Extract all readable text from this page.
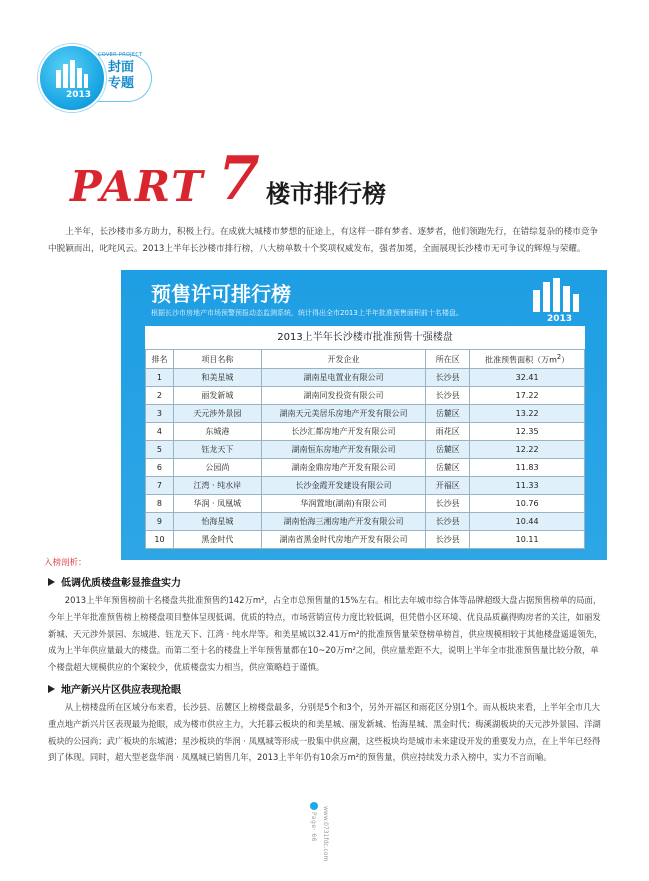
2013
COVER PROJECT
封面
专题
PART 7 楼市排行榜

上半年，长沙楼市多方助力，积极上行。在成就大城楼市梦想的征途上，有这样一群有梦者、逐梦者，他们领跑先行，在错综复杂的楼市竞争中脱颖而出，叱咤风云。2013上半年长沙楼市排行榜，八大榜单数十个奖项权威发布，强者加冕，全面展现长沙楼市无可争议的辉煌与荣耀。

预售许可排行榜
根据长沙市房地产市场预警预报动态监测系统，统计得出全市2013上半年批准预售面积前十名楼盘。
2013
2013上半年长沙楼市批准预售十强楼盘
排名	项目名称	开发企业	所在区	批准预售面积（万$m^2$）
1	和美星城	湖南星电置业有限公司	长沙县	32.41
2	丽发新城	湖南同发投资有限公司	长沙县	17.22
3	天元涉外景园	湖南天元美居乐房地产开发有限公司	岳麓区	13.22
4	东城港	长沙汇都房地产开发有限公司	雨花区	12.35
5	钰龙天下	湖南恒东房地产开发有限公司	岳麓区	12.22
6	公园尚	湖南金鼎房地产开发有限公司	岳麓区	11.83
7	江湾 · 纯水岸	长沙金霞开发建设有限公司	开福区	11.33
8	华润 · 凤凰城	华润置地(湖南)有限公司	长沙县	10.76
9	怡海星城	湖南怡海三湘房地产开发有限公司	长沙县	10.44
10	黑金时代	湖南省黑金时代房地产开发有限公司	长沙县	10.11
入榜剖析：
低调优质楼盘彰显推盘实力

2013上半年预售榜前十名楼盘共批准预售约142万m²，占全市总预售量的15%左右。相比去年城市综合体等品牌超级大盘占据预售榜单的局面，今年上半年批准预售榜上榜楼盘项目整体呈现低调、优质的特点，市场营销宣传力度比较低调，但凭借小区环境、优良品质赢得购房者的关注，如丽发新城、天元涉外景园、东城港、钰龙天下、江湾 · 纯水岸等。和美星城以32.41万m²的批准预售量荣登榜单榜首，供应规模相较于其他楼盘遥遥领先，成为上半年供应量最大的楼盘。而第二至十名的楼盘上半年预售量都在10~20万m²之间，供应量差距不大，说明上半年全市批准预售量比较分散，单个楼盘超大规模供应的个案较少，优质楼盘实力相当，供应策略趋于谨慎。

地产新兴片区供应表现抢眼

从上榜楼盘所在区域分布来看，长沙县、岳麓区上榜楼盘最多，分别是5个和3个，另外开福区和雨花区分别1个。而从板块来看，上半年全市几大重点地产新兴片区表现最为抢眼，成为楼市供应主力，大托暮云板块的和美星城、丽发新城、怡海星城、黑金时代；梅溪湖板块的天元涉外景园、洋湖板块的公园尚；武广板块的东城港；星沙板块的华润 · 凤凰城等形成一股集中供应潮，这些板块均是城市未来建设开发的重要发力点，在上半年已经得到了体现。同时，超大型老盘华润 · 凤凰城已销售几年，2013上半年仍有10余万m²的预售量，供应持续发力杀入榜中，实力不言而喻。

Page· 66 www.0731fdc.com
